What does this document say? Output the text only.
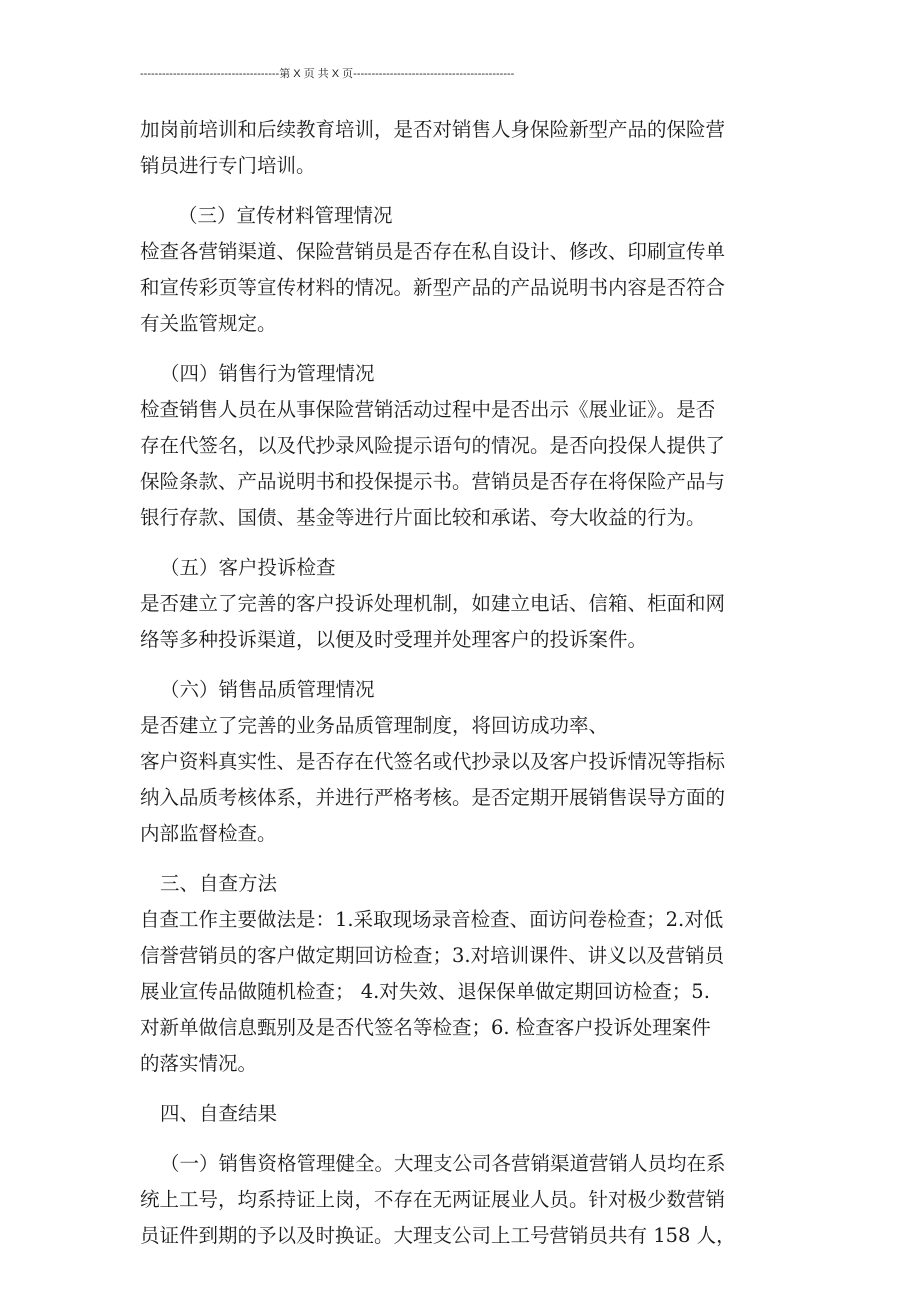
--------------------------------------第 X 页 共 X 页--------------------------------------------
加岗前培训和后续教育培训，是否对销售人身保险新型产品的保险营
销员进行专门培训。
（三）宣传材料管理情况
检查各营销渠道、保险营销员是否存在私自设计、修改、印刷宣传单
和宣传彩页等宣传材料的情况。新型产品的产品说明书内容是否符合
有关监管规定。
（四）销售行为管理情况
检查销售人员在从事保险营销活动过程中是否出示《展业证》。是否
存在代签名，以及代抄录风险提示语句的情况。是否向投保人提供了
保险条款、产品说明书和投保提示书。营销员是否存在将保险产品与
银行存款、国债、基金等进行片面比较和承诺、夸大收益的行为。
（五）客户投诉检查
是否建立了完善的客户投诉处理机制，如建立电话、信箱、柜面和网
络等多种投诉渠道，以便及时受理并处理客户的投诉案件。
（六）销售品质管理情况
是否建立了完善的业务品质管理制度，将回访成功率、
客户资料真实性、是否存在代签名或代抄录以及客户投诉情况等指标
纳入品质考核体系，并进行严格考核。是否定期开展销售误导方面的
内部监督检查。
三、自查方法
自查工作主要做法是：1.采取现场录音检查、面访问卷检查；2.对低
信誉营销员的客户做定期回访检查；3.对培训课件、讲义以及营销员
展业宣传品做随机检查； 4.对失效、退保保单做定期回访检查；5.
对新单做信息甄别及是否代签名等检查；6. 检查客户投诉处理案件
的落实情况。
四、自查结果
（一）销售资格管理健全。大理支公司各营销渠道营销人员均在系
统上工号，均系持证上岗，不存在无两证展业人员。针对极少数营销
员证件到期的予以及时换证。大理支公司上工号营销员共有 158 人，
